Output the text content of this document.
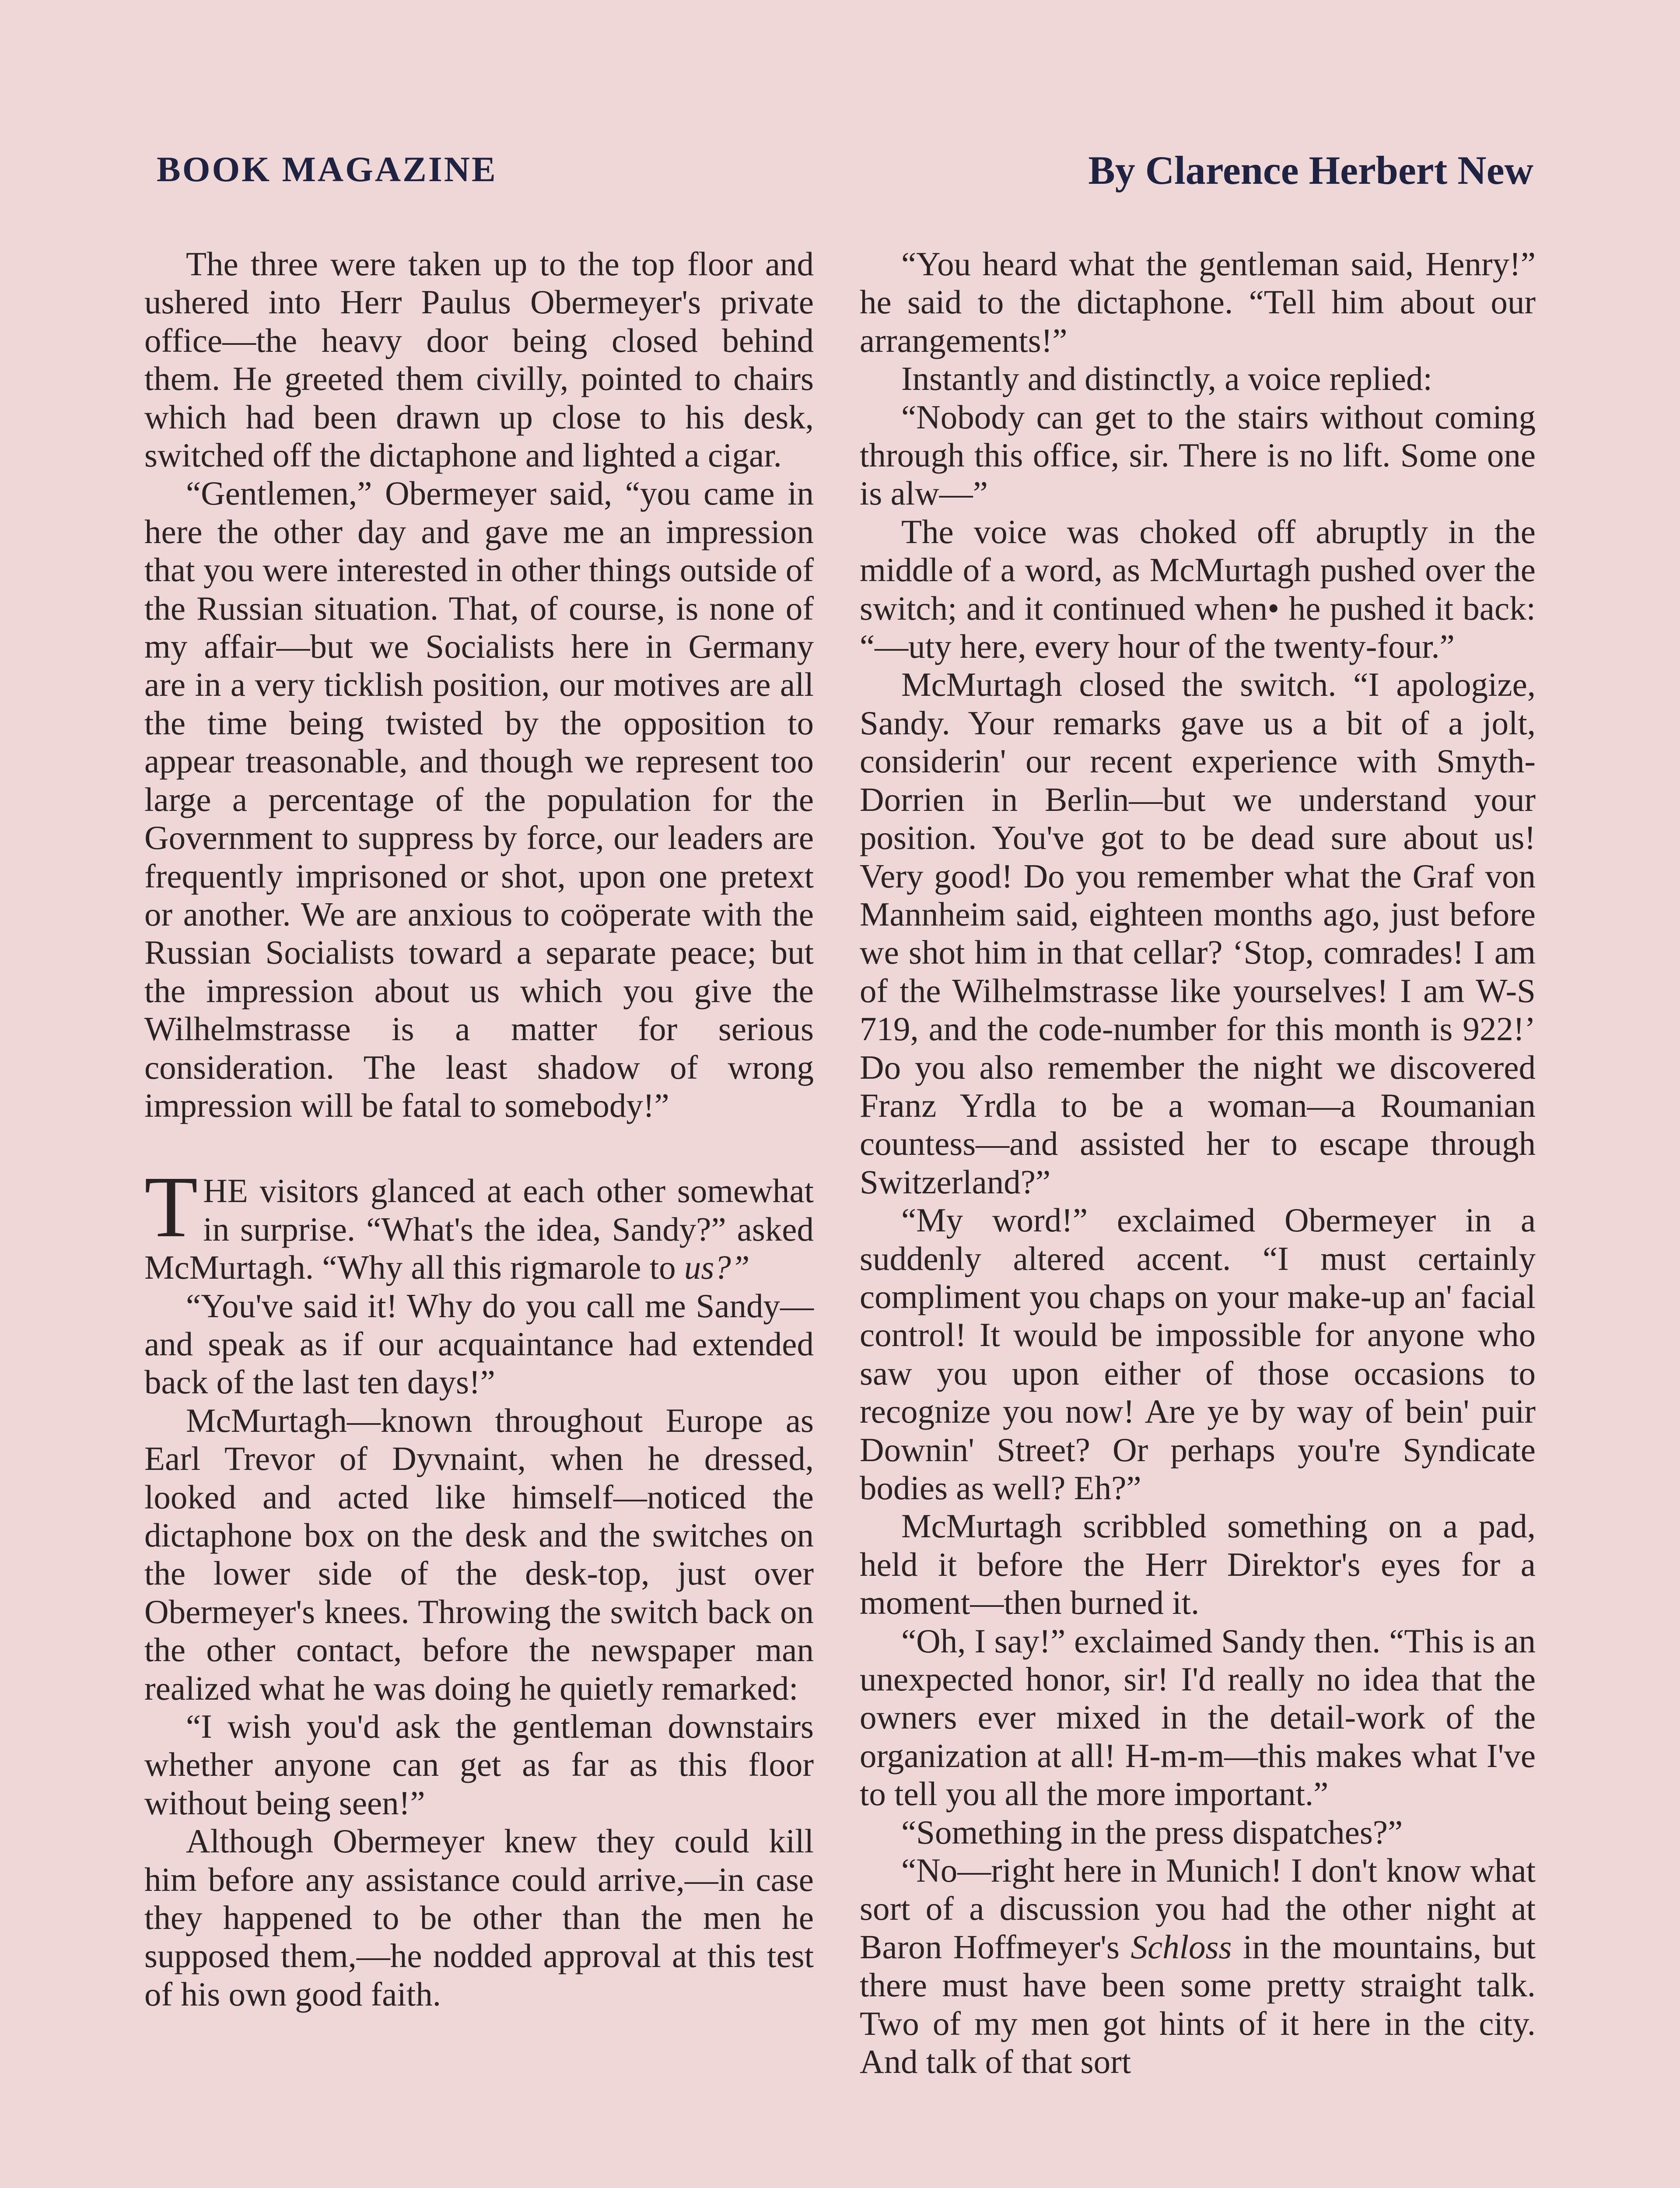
BOOK MAGAZINE	By Clarence Herbert New

The three were taken up to the top floor and ushered into Herr Paulus Obermeyer's private office—the heavy door being closed behind them. He greeted them civilly, pointed to chairs which had been drawn up close to his desk, switched off the dictaphone and lighted a cigar.

“Gentlemen,” Obermeyer said, “you came in here the other day and gave me an impression that you were interested in other things outside of the Russian situation. That, of course, is none of my affair—but we Socialists here in Germany are in a very ticklish position, our motives are all the time being twisted by the opposition to appear treasonable, and though we represent too large a percentage of the population for the Government to suppress by force, our leaders are frequently imprisoned or shot, upon one pretext or another. We are anxious to coöperate with the Russian Socialists toward a separate peace; but the impression about us which you give the Wilhelmstrasse is a matter for serious consideration. The least shadow of wrong impression will be fatal to somebody!”

THE visitors glanced at each other somewhat in surprise. “What's the idea, Sandy?” asked McMurtagh. “Why all this rigmarole to us?”

“You've said it! Why do you call me Sandy—and speak as if our acquaintance had extended back of the last ten days!”

McMurtagh—known throughout Europe as Earl Trevor of Dyvnaint, when he dressed, looked and acted like himself—noticed the dictaphone box on the desk and the switches on the lower side of the desk-top, just over Obermeyer's knees. Throwing the switch back on the other contact, before the newspaper man realized what he was doing he quietly remarked:

“I wish you'd ask the gentleman downstairs whether anyone can get as far as this floor without being seen!”

Although Obermeyer knew they could kill him before any assistance could arrive,—in case they happened to be other than the men he supposed them,—he nodded approval at this test of his own good faith.

“You heard what the gentleman said, Henry!” he said to the dictaphone. “Tell him about our arrangements!”

Instantly and distinctly, a voice replied:

“Nobody can get to the stairs without coming through this office, sir. There is no lift. Some one is alw—”

The voice was choked off abruptly in the middle of a word, as McMurtagh pushed over the switch; and it continued when• he pushed it back: “—uty here, every hour of the twenty-four.”

McMurtagh closed the switch. “I apologize, Sandy. Your remarks gave us a bit of a jolt, considerin' our recent experience with Smyth-Dorrien in Berlin—but we understand your position. You've got to be dead sure about us! Very good! Do you remember what the Graf von Mannheim said, eighteen months ago, just before we shot him in that cellar? ‘Stop, comrades! I am of the Wilhelmstrasse like yourselves! I am W-S 719, and the code-number for this month is 922!’ Do you also remember the night we discovered Franz Yrdla to be a woman—a Roumanian countess—and assisted her to escape through Switzerland?”

“My word!” exclaimed Obermeyer in a suddenly altered accent. “I must certainly compliment you chaps on your make-up an' facial control! It would be impossible for anyone who saw you upon either of those occasions to recognize you now! Are ye by way of bein' puir Downin' Street? Or perhaps you're Syndicate bodies as well? Eh?”

McMurtagh scribbled something on a pad, held it before the Herr Direktor's eyes for a moment—then burned it.

“Oh, I say!” exclaimed Sandy then. “This is an unexpected honor, sir! I'd really no idea that the owners ever mixed in the detail-work of the organization at all! H-m-m—this makes what I've to tell you all the more important.”

“Something in the press dispatches?”

“No—right here in Munich! I don't know what sort of a discussion you had the other night at Baron Hoffmeyer's Schloss in the mountains, but there must have been some pretty straight talk. Two of my men got hints of it here in the city. And talk of that sort
